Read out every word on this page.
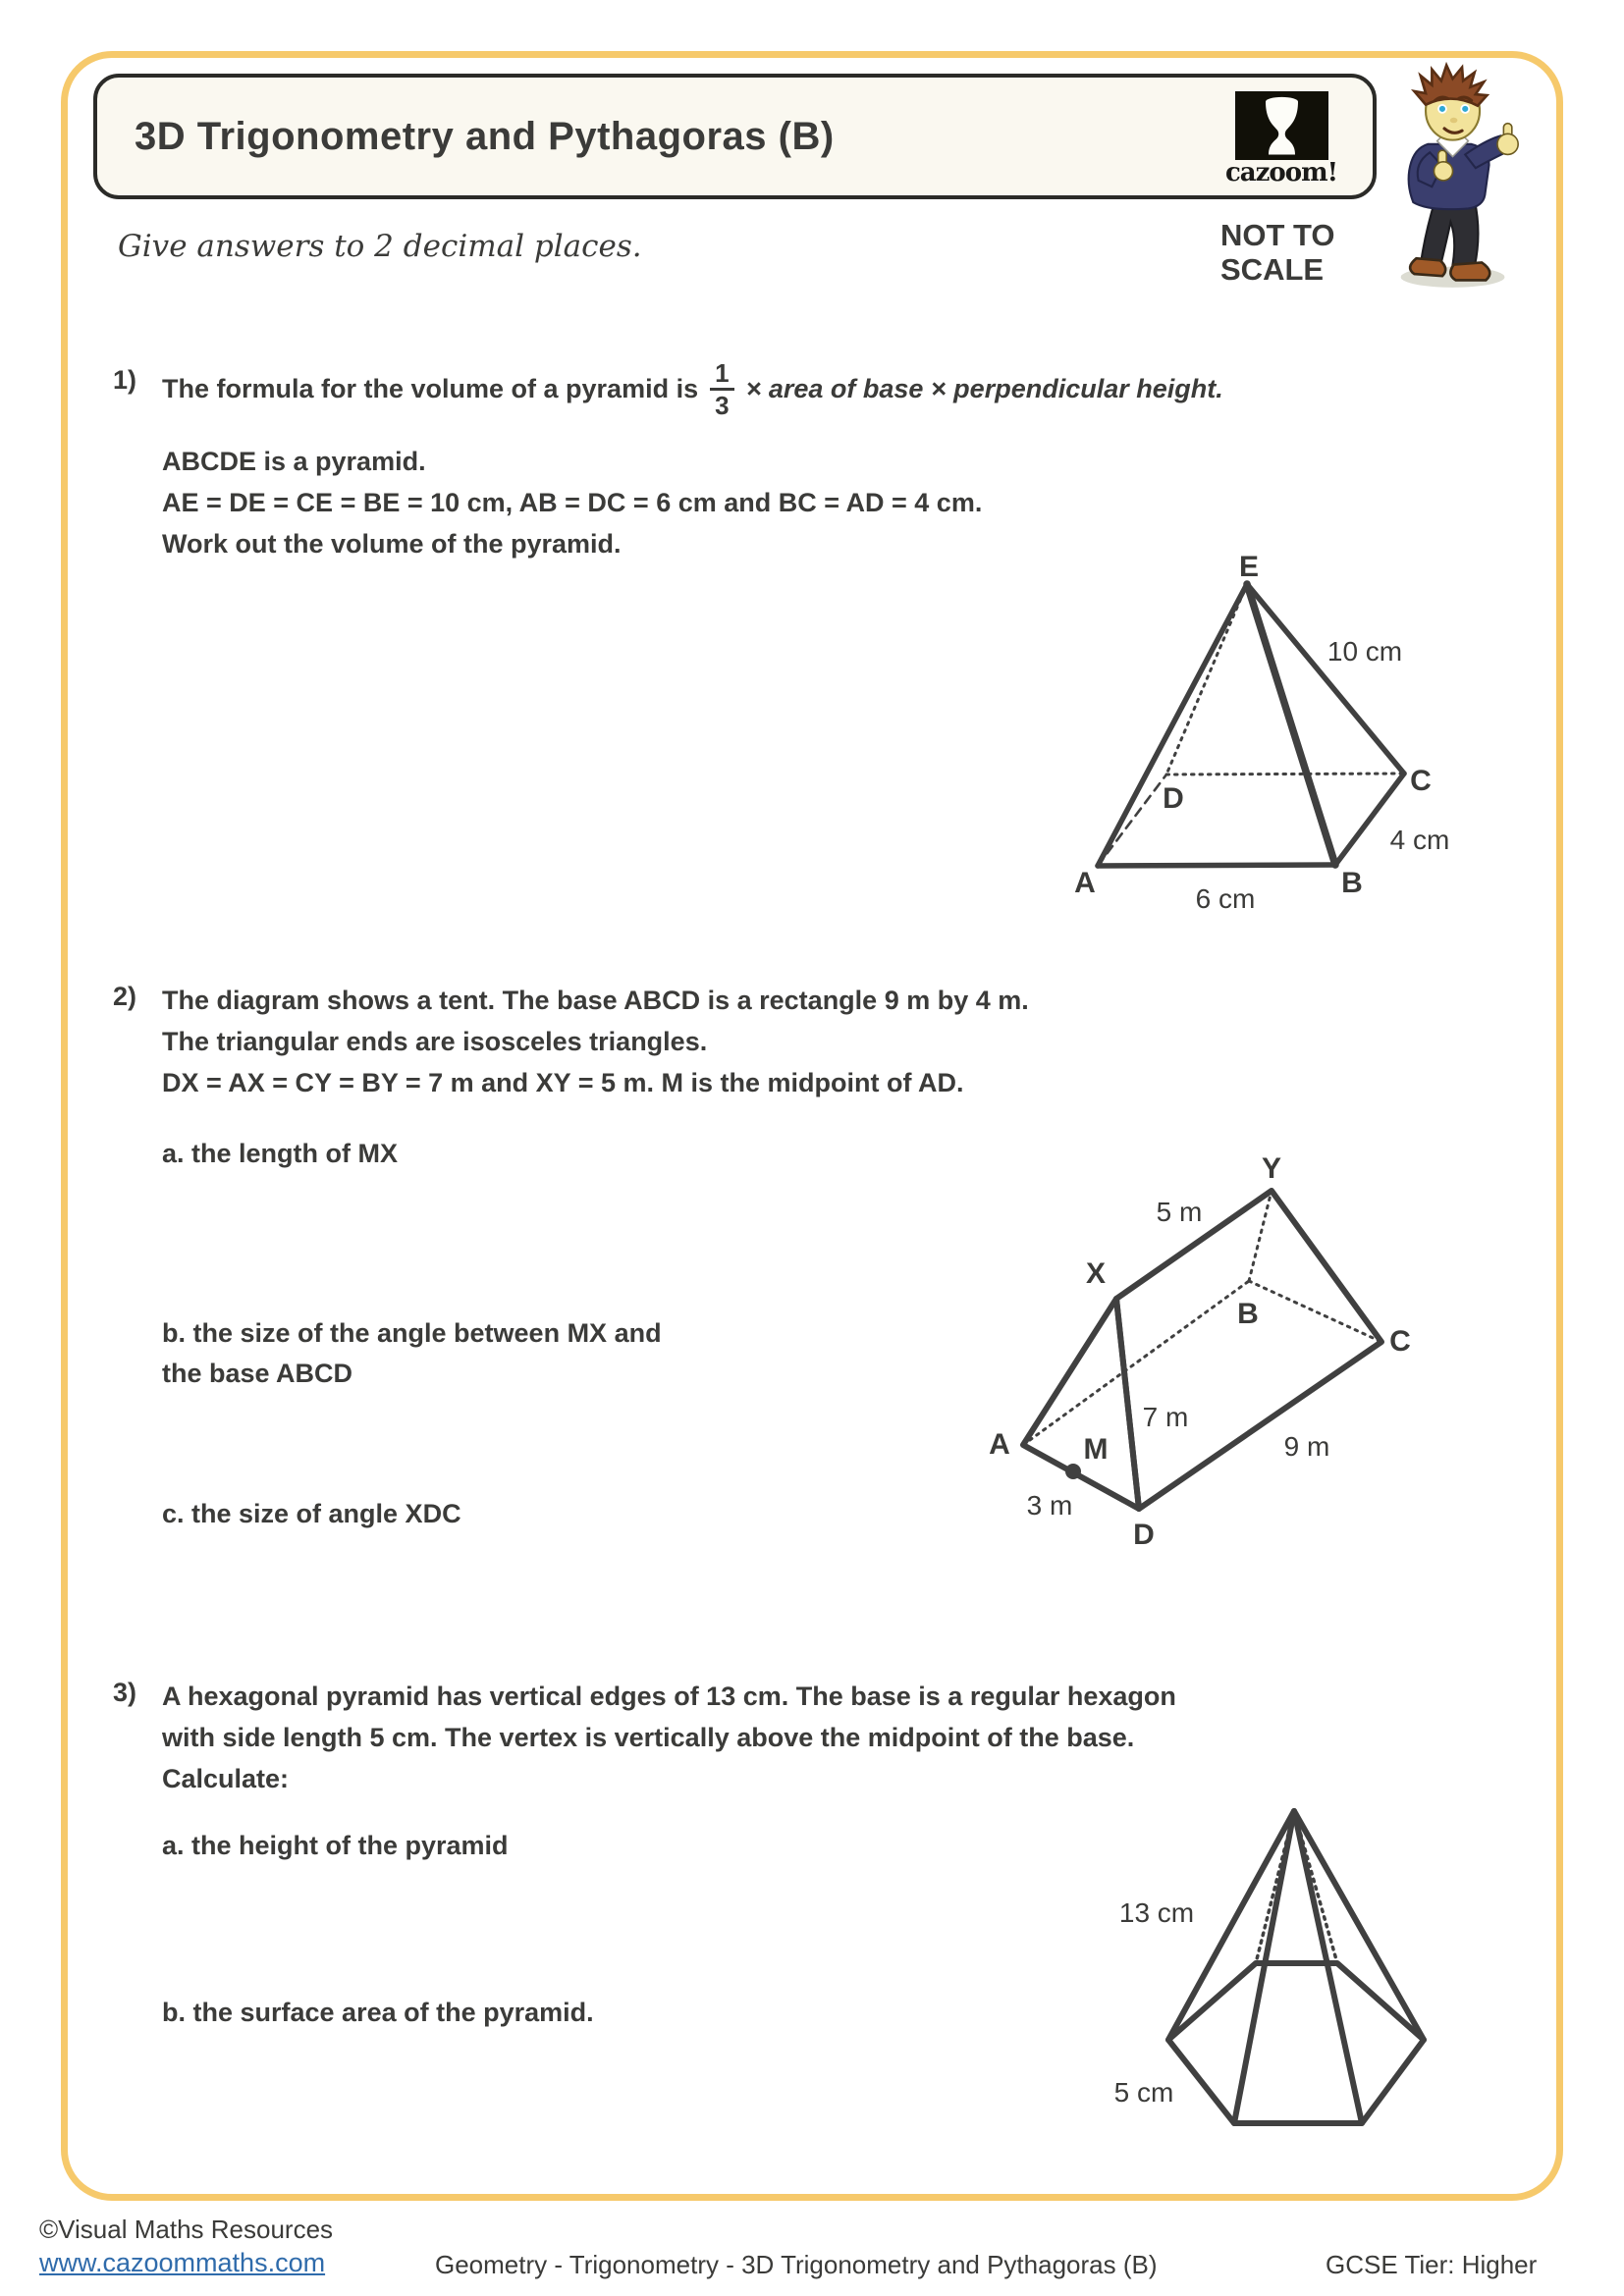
3D Trigonometry and Pythagoras (B)
cazoom!
NOT TO
SCALE
Give answers to 2 decimal places.
1) The formula for the volume of a pyramid is $\frac{1}{3}$ × area of base × perpendicular height.
ABCDE is a pyramid.
AE = DE = CE = BE = 10 cm, AB = DC = 6 cm and BC = AD = 4 cm.
Work out the volume of the pyramid.
E
A	B
C
D
10 cm
4 cm
6 cm
2) The diagram shows a tent. The base ABCD is a rectangle 9 m by 4 m.
The triangular ends are isosceles triangles.
DX = AX = CY = BY = 7 m and XY = 5 m. M is the midpoint of AD.
a. the length of MX
b. the size of the angle between MX and
the base ABCD
c. the size of angle XDC
Y
X
A
B
C
D
M
5 m
7 m
9 m
3 m
3) A hexagonal pyramid has vertical edges of 13 cm. The base is a regular hexagon
with side length 5 cm. The vertex is vertically above the midpoint of the base.
Calculate:
a. the height of the pyramid
b. the surface area of the pyramid.
13 cm
5 cm
©Visual Maths Resources
www.cazoommaths.com	Geometry - Trigonometry - 3D Trigonometry and Pythagoras (B)	GCSE Tier: Higher
